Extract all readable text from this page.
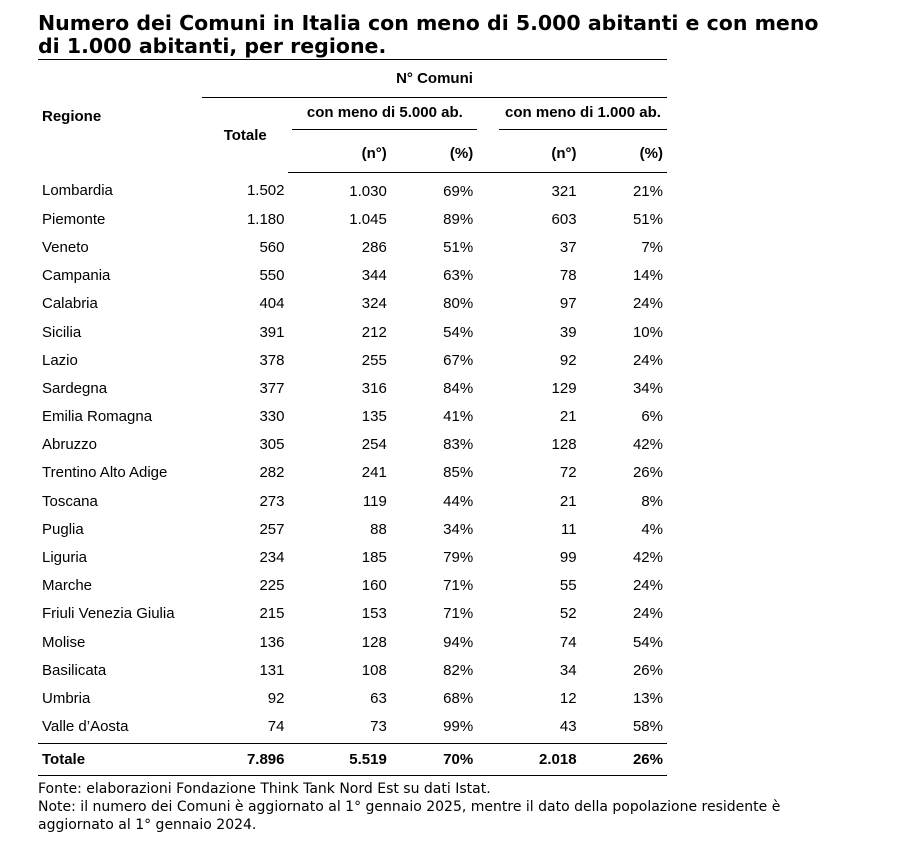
Numero dei Comuni in Italia con meno di 5.000 abitanti e con meno di 1.000 abitanti, per regione.
Regione	N° Comuni					
	Totale	con meno di 5.000 ab.			con meno di 1.000 ab.	

		(n°)	(%)		(n°)	(%)
Lombardia	1.502	1.030	69%		321	21%
Piemonte	1.180	1.045	89%		603	51%
Veneto	560	286	51%		37	7%
Campania	550	344	63%		78	14%
Calabria	404	324	80%		97	24%
Sicilia	391	212	54%		39	10%
Lazio	378	255	67%		92	24%
Sardegna	377	316	84%		129	34%
Emilia Romagna	330	135	41%		21	6%
Abruzzo	305	254	83%		128	42%
Trentino Alto Adige	282	241	85%		72	26%
Toscana	273	119	44%		21	8%
Puglia	257	88	34%		11	4%
Liguria	234	185	79%		99	42%
Marche	225	160	71%		55	24%
Friuli Venezia Giulia	215	153	71%		52	24%
Molise	136	128	94%		74	54%
Basilicata	131	108	82%		34	26%
Umbria	92	63	68%		12	13%
Valle d’Aosta	74	73	99%		43	58%
Totale	7.896	5.519	70%		2.018	26%
Fonte: elaborazioni Fondazione Think Tank Nord Est su dati Istat.
Note: il numero dei Comuni è aggiornato al 1° gennaio 2025, mentre il dato della popolazione residente è aggiornato al 1° gennaio 2024.
